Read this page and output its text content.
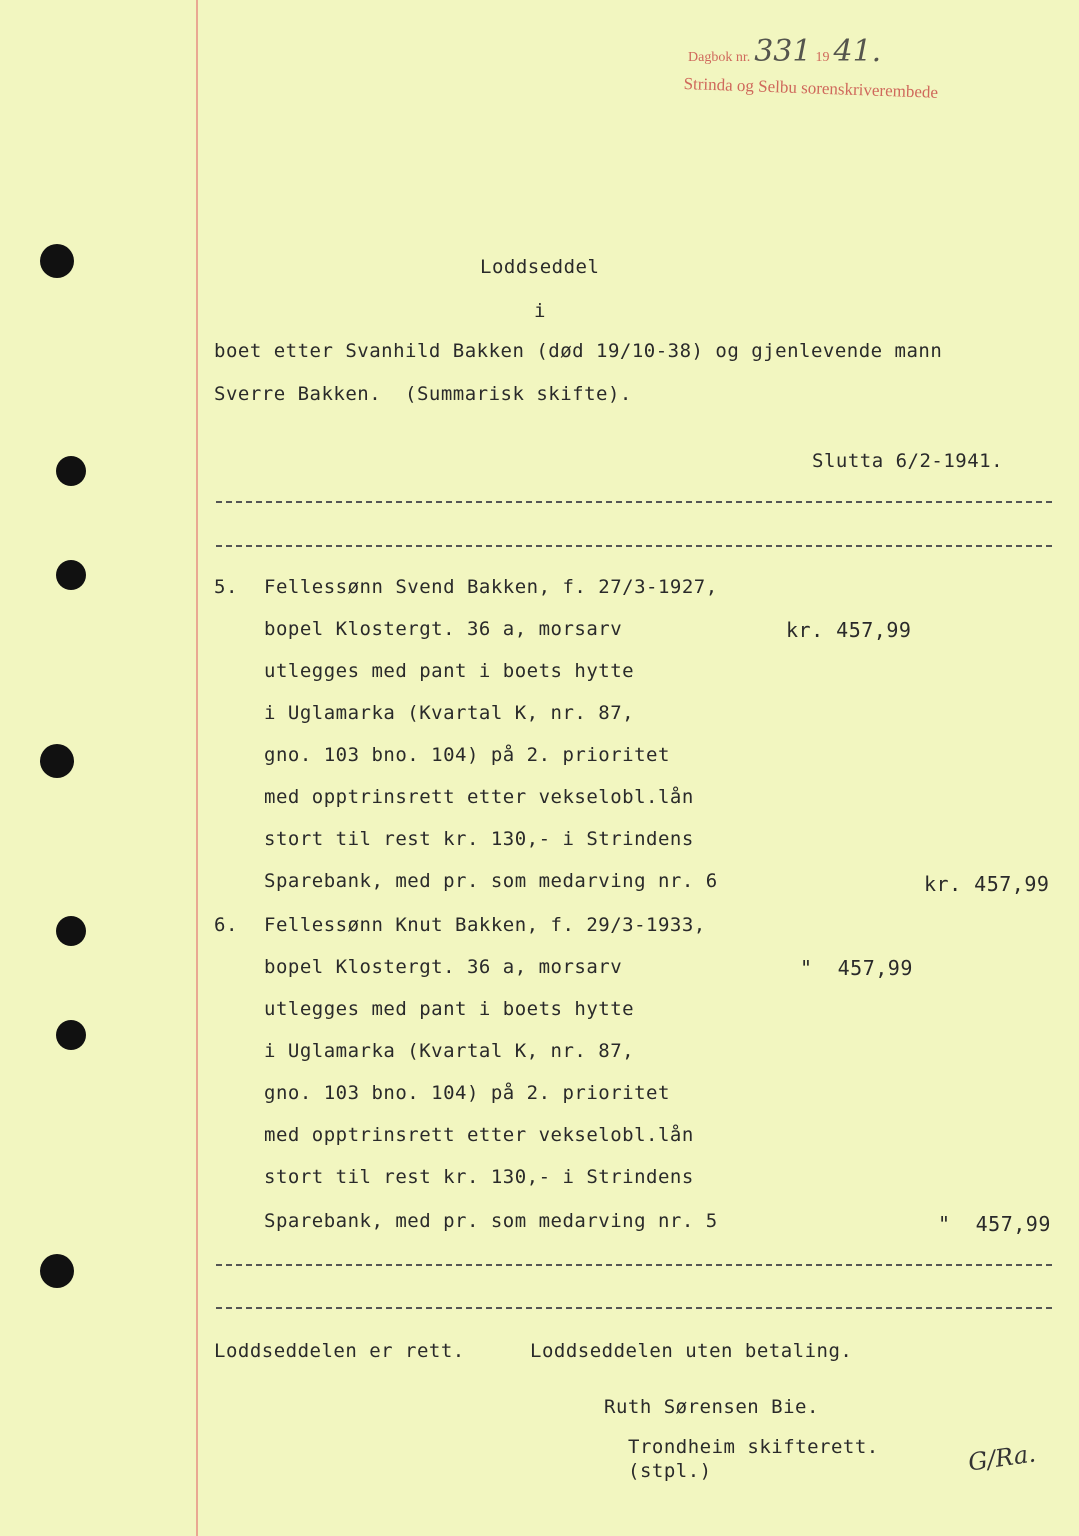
Dagbok nr. 331 19 41.
Strinda og Selbu sorenskriverembede
Loddseddel
i
boet etter Svanhild Bakken (død 19/10-38) og gjenlevende mann
Sverre Bakken.  (Summarisk skifte).
Slutta 6/2-1941.
5. Fellessønn Svend Bakken, f. 27/3-1927,
bopel Klostergt. 36 a, morsarv
utlegges med pant i boets hytte
i Uglamarka (Kvartal K, nr. 87,
gno. 103 bno. 104) på 2. prioritet
med opptrinsrett etter vekselobl.lån
stort til rest kr. 130,- i Strindens
Sparebank, med pr. som medarving nr. 6
kr. 457,99
kr. 457,99
6. Fellessønn Knut Bakken, f. 29/3-1933,
bopel Klostergt. 36 a, morsarv
utlegges med pant i boets hytte
i Uglamarka (Kvartal K, nr. 87,
gno. 103 bno. 104) på 2. prioritet
med opptrinsrett etter vekselobl.lån
stort til rest kr. 130,- i Strindens
Sparebank, med pr. som medarving nr. 5
"  457,99
"  457,99
Loddseddelen er rett.	Loddseddelen uten betaling.
Ruth Sørensen Bie.
Trondheim skifterett.
(stpl.)	G/Ra.
